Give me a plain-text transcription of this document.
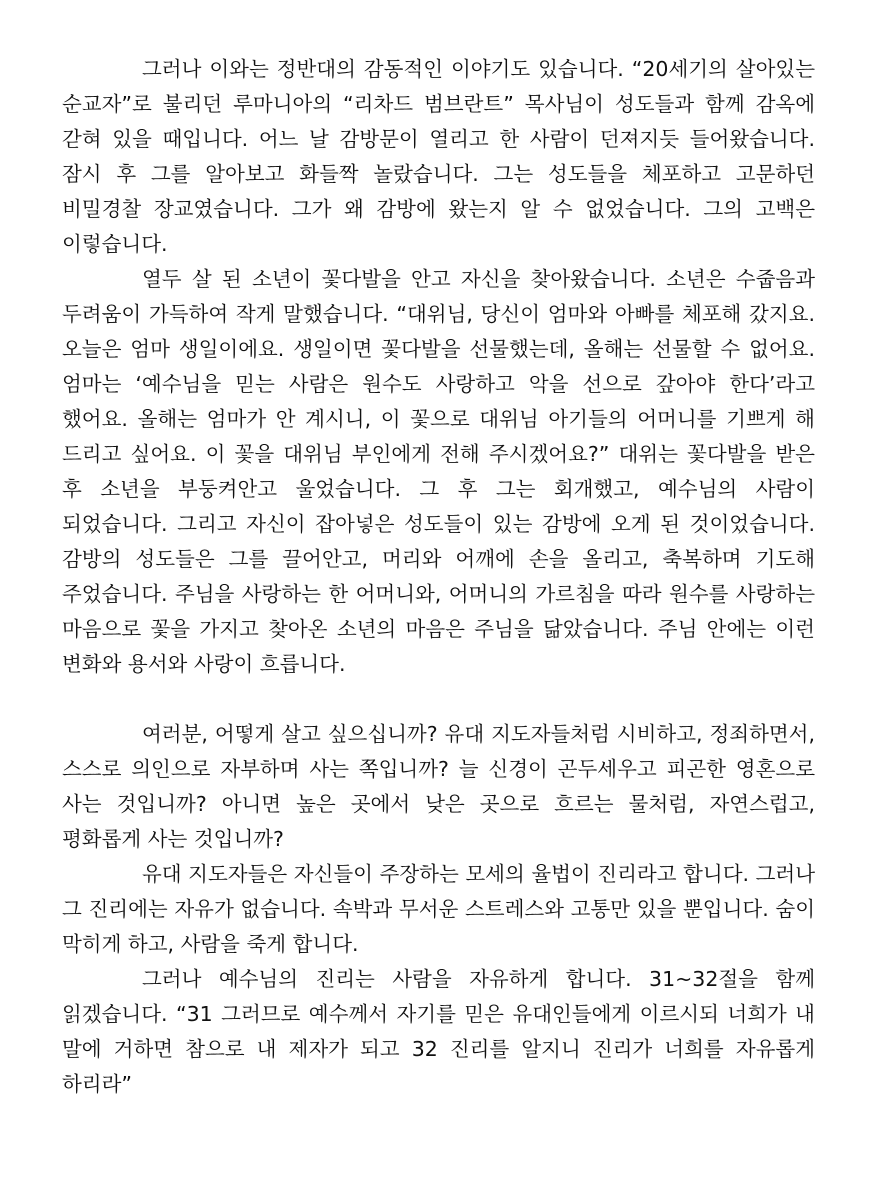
그러나 이와는 정반대의 감동적인 이야기도 있습니다. “20세기의 살아있는 순교자”로 불리던 루마니아의 “리차드 범브란트” 목사님이 성도들과 함께 감옥에 갇혀 있을 때입니다. 어느 날 감방문이 열리고 한 사람이 던져지듯 들어왔습니다. 잠시 후 그를 알아보고 화들짝 놀랐습니다. 그는 성도들을 체포하고 고문하던 비밀경찰 장교였습니다. 그가 왜 감방에 왔는지 알 수 없었습니다. 그의 고백은 이렇습니다.

열두 살 된 소년이 꽃다발을 안고 자신을 찾아왔습니다. 소년은 수줍음과 두려움이 가득하여 작게 말했습니다. “대위님, 당신이 엄마와 아빠를 체포해 갔지요. 오늘은 엄마 생일이에요. 생일이면 꽃다발을 선물했는데, 올해는 선물할 수 없어요. 엄마는 ‘예수님을 믿는 사람은 원수도 사랑하고 악을 선으로 갚아야 한다’라고 했어요. 올해는 엄마가 안 계시니, 이 꽃으로 대위님 아기들의 어머니를 기쁘게 해 드리고 싶어요. 이 꽃을 대위님 부인에게 전해 주시겠어요?” 대위는 꽃다발을 받은 후 소년을 부둥켜안고 울었습니다. 그 후 그는 회개했고, 예수님의 사람이 되었습니다. 그리고 자신이 잡아넣은 성도들이 있는 감방에 오게 된 것이었습니다. 감방의 성도들은 그를 끌어안고, 머리와 어깨에 손을 올리고, 축복하며 기도해 주었습니다. 주님을 사랑하는 한 어머니와, 어머니의 가르침을 따라 원수를 사랑하는 마음으로 꽃을 가지고 찾아온 소년의 마음은 주님을 닮았습니다. 주님 안에는 이런 변화와 용서와 사랑이 흐릅니다.

여러분, 어떻게 살고 싶으십니까? 유대 지도자들처럼 시비하고, 정죄하면서, 스스로 의인으로 자부하며 사는 쪽입니까? 늘 신경이 곤두세우고 피곤한 영혼으로 사는 것입니까? 아니면 높은 곳에서 낮은 곳으로 흐르는 물처럼, 자연스럽고, 평화롭게 사는 것입니까?

유대 지도자들은 자신들이 주장하는 모세의 율법이 진리라고 합니다. 그러나 그 진리에는 자유가 없습니다. 속박과 무서운 스트레스와 고통만 있을 뿐입니다. 숨이 막히게 하고, 사람을 죽게 합니다.

그러나 예수님의 진리는 사람을 자유하게 합니다. 31~32절을 함께 읽겠습니다. “31 그러므로 예수께서 자기를 믿은 유대인들에게 이르시되 너희가 내 말에 거하면 참으로 내 제자가 되고 32 진리를 알지니 진리가 너희를 자유롭게 하리라”
